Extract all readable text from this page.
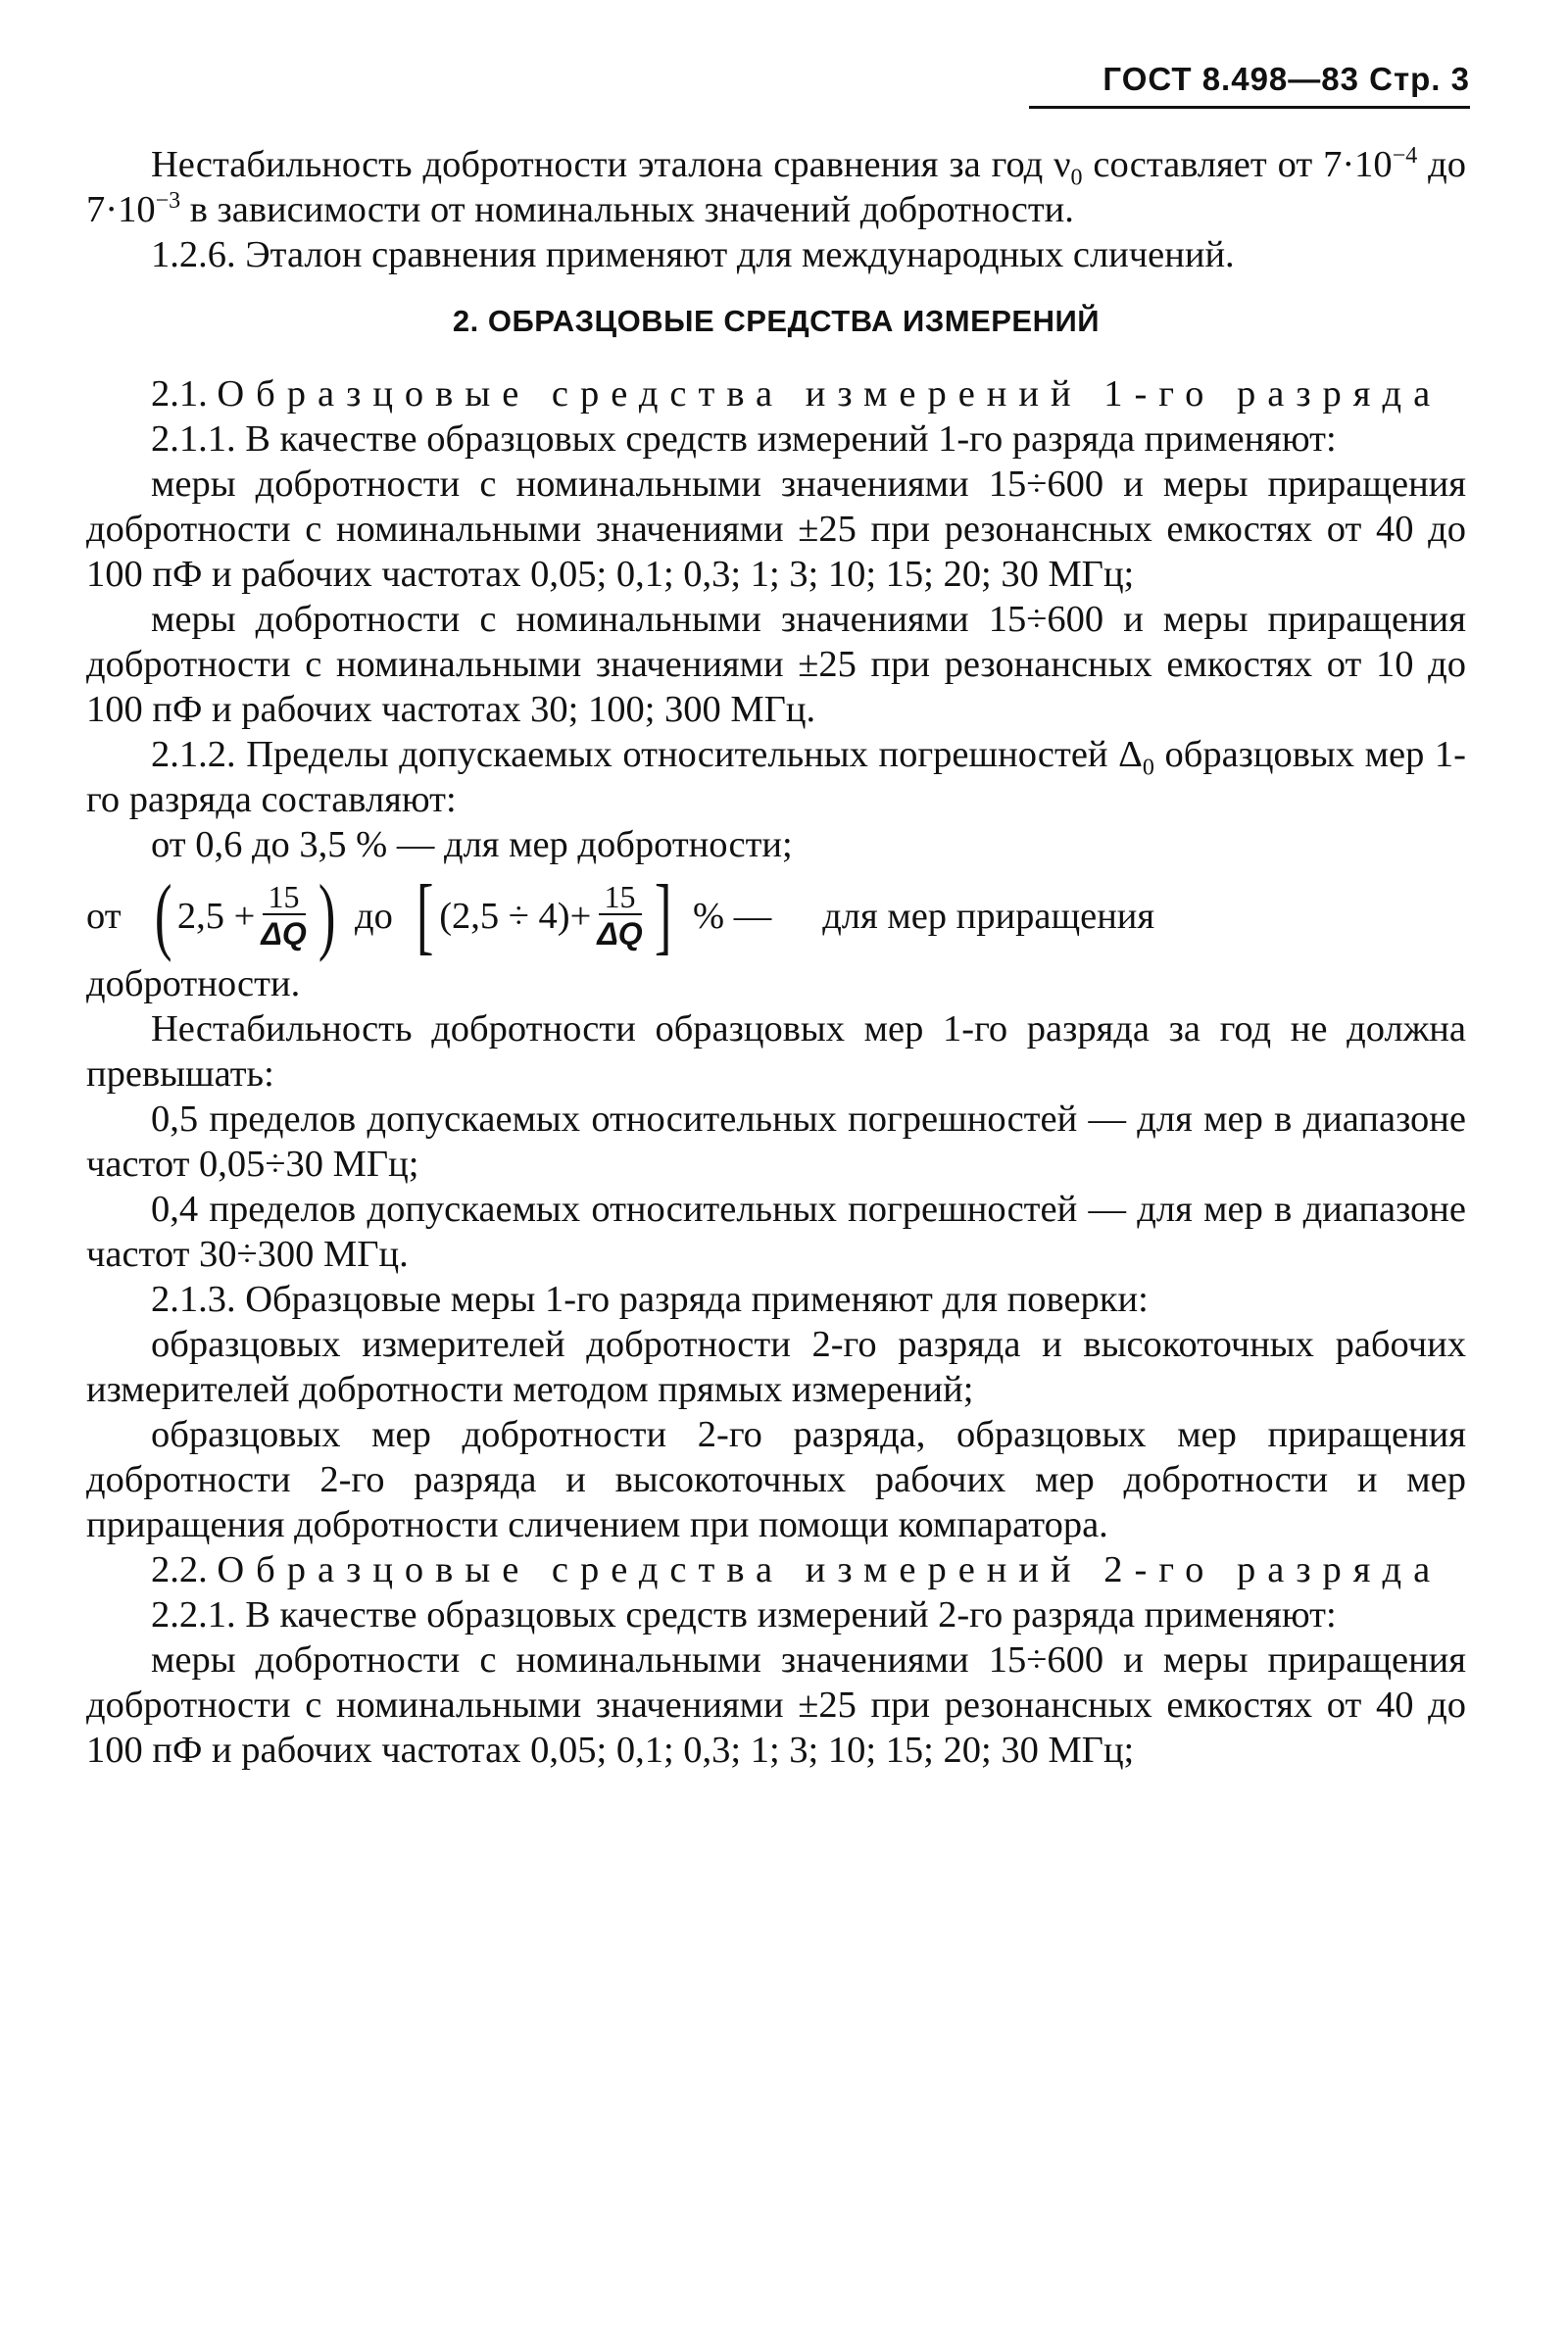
ГОСТ 8.498—83 Стр. 3

Нестабильность добротности эталона сравнения за год $\nu_0$ составляет от $7\cdot 10^{-4}$ до $7\cdot 10^{-3}$ в зависимости от номинальных значений добротности.

1.2.6. Эталон сравнения применяют для международных сличений.

2. ОБРАЗЦОВЫЕ СРЕДСТВА ИЗМЕРЕНИЙ

2.1. Образцовые средства измерений 1-го разряда

2.1.1. В качестве образцовых средств измерений 1-го разряда применяют:

меры добротности с номинальными значениями 15÷600 и меры приращения добротности с номинальными значениями ±25 при резонансных емкостях от 40 до 100 пФ и рабочих частотах 0,05; 0,1; 0,3; 1; 3; 10; 15; 20; 30 МГц;

меры добротности с номинальными значениями 15÷600 и меры приращения добротности с номинальными значениями ±25 при резонансных емкостях от 10 до 100 пФ и рабочих частотах 30; 100; 300 МГц.

2.1.2. Пределы допускаемых относительных погрешностей $\Delta_0$ образцовых мер 1-го разряда составляют:

от 0,6 до 3,5 % — для мер добротности;

от ( $2,5 + \frac{15}{\Delta Q}$ ) до [ $(2,5 \div 4)+ \frac{15}{\Delta Q}$ ] % — для мер приращения

добротности.

Нестабильность добротности образцовых мер 1-го разряда за год не должна превышать:

0,5 пределов допускаемых относительных погрешностей — для мер в диапазоне частот 0,05÷30 МГц;

0,4 пределов допускаемых относительных погрешностей — для мер в диапазоне частот 30÷300 МГц.

2.1.3. Образцовые меры 1-го разряда применяют для поверки:

образцовых измерителей добротности 2-го разряда и высокоточных рабочих измерителей добротности методом прямых измерений;

образцовых мер добротности 2-го разряда, образцовых мер приращения добротности 2-го разряда и высокоточных рабочих мер добротности и мер приращения добротности сличением при помощи компаратора.

2.2. Образцовые средства измерений 2-го разряда

2.2.1. В качестве образцовых средств измерений 2-го разряда применяют:

меры добротности с номинальными значениями 15÷600 и меры приращения добротности с номинальными значениями ±25 при резонансных емкостях от 40 до 100 пФ и рабочих частотах 0,05; 0,1; 0,3; 1; 3; 10; 15; 20; 30 МГц;
